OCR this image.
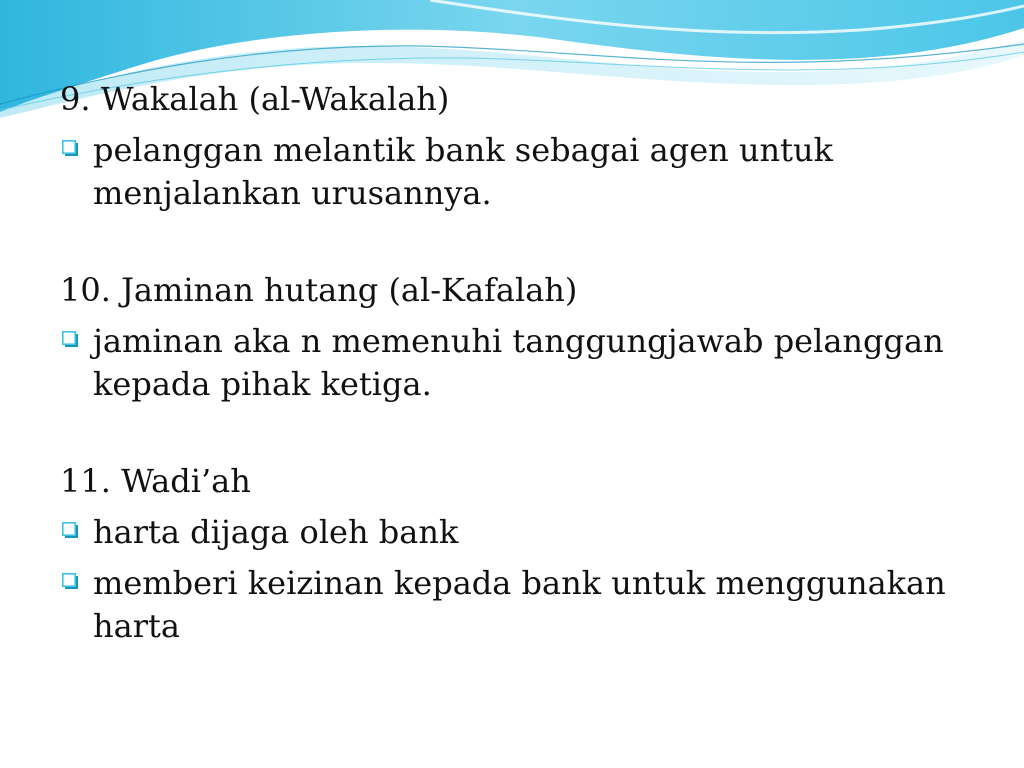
9. Wakalah (al-Wakalah)
pelanggan melantik bank sebagai agen untuk menjalankan urusannya.
10. Jaminan hutang (al-Kafalah)
jaminan aka n memenuhi tanggungjawab pelanggan kepada pihak ketiga.
11. Wadi’ah
harta dijaga oleh bank
memberi keizinan kepada bank untuk menggunakan harta
